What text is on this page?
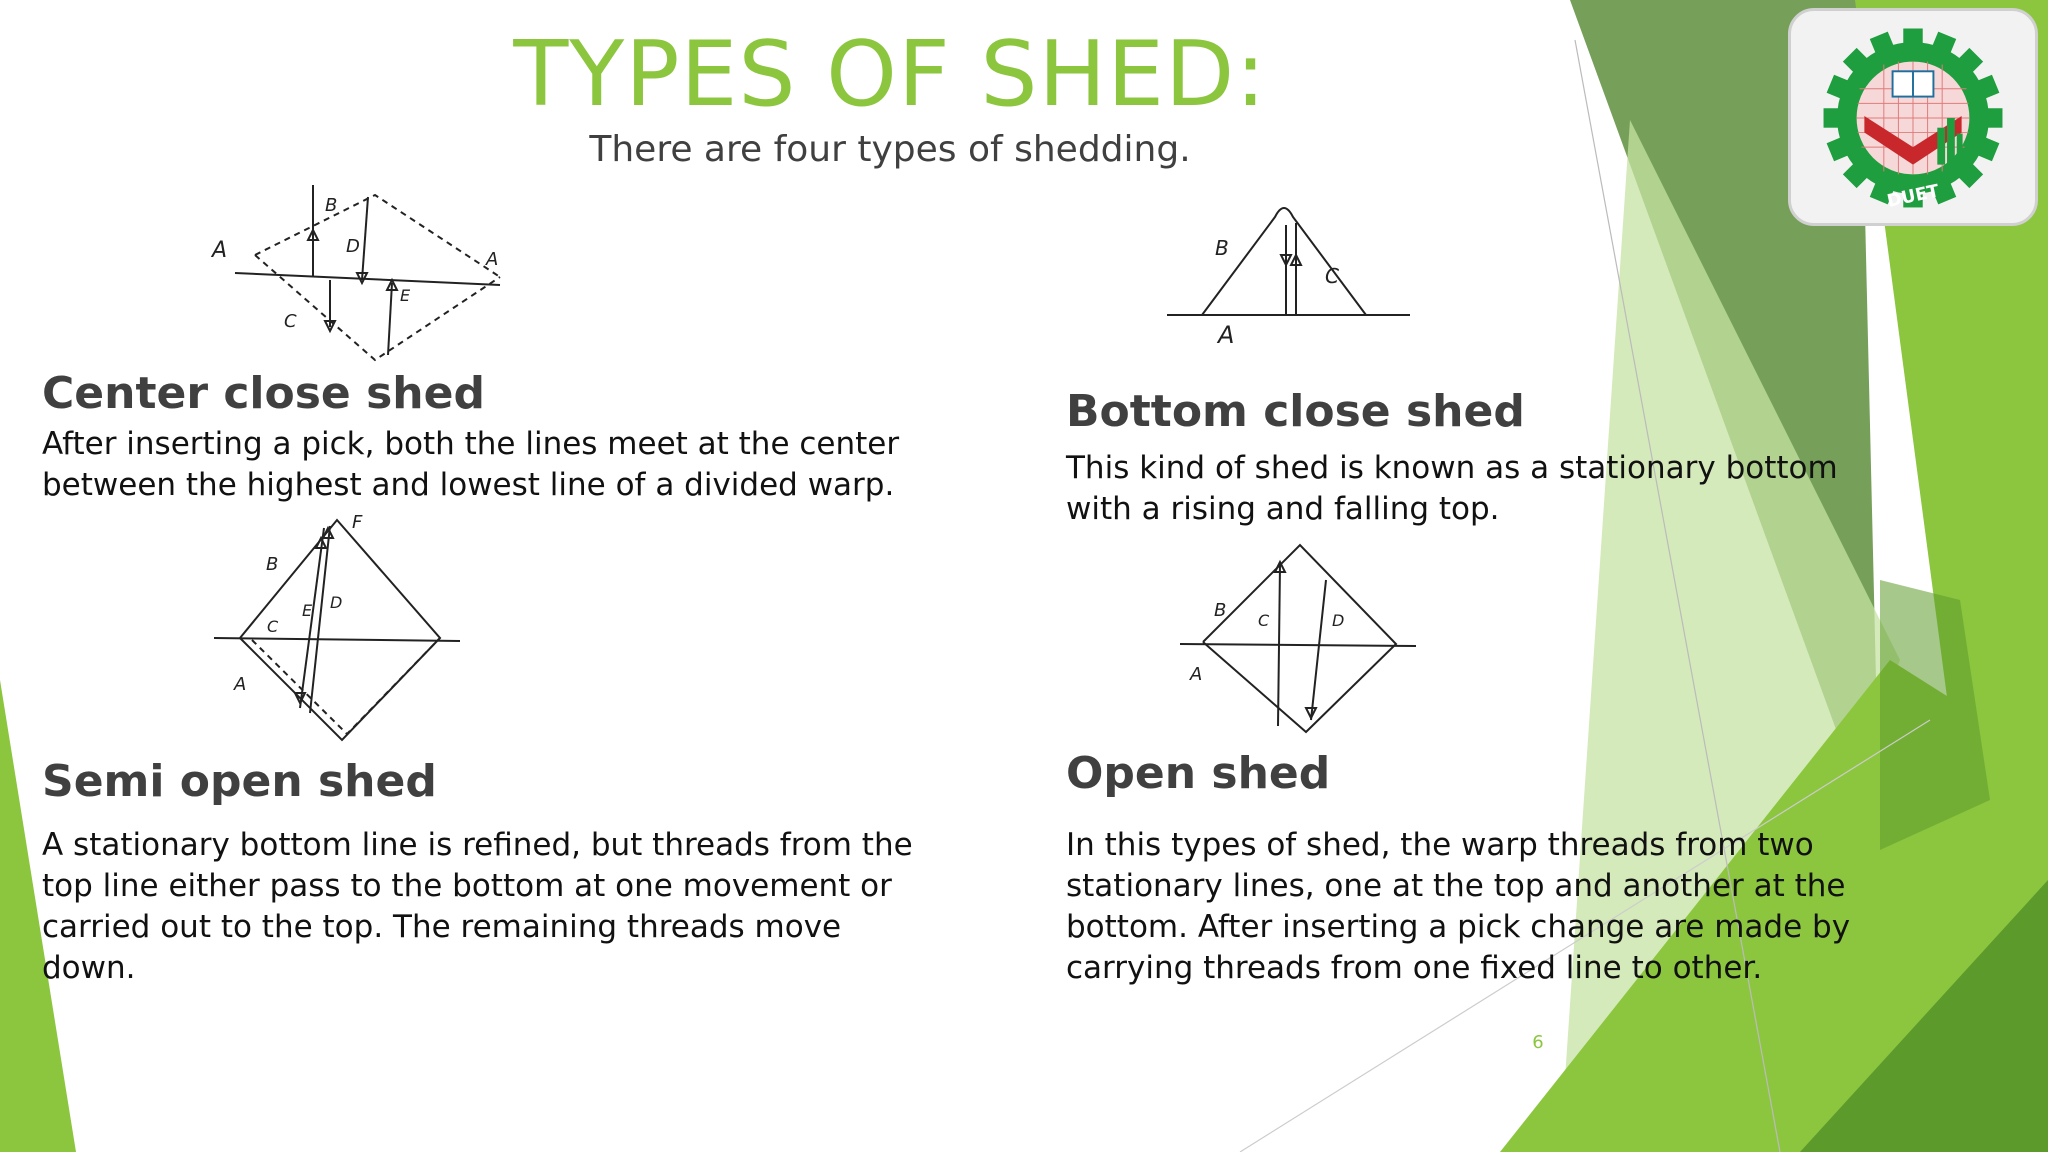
TYPES OF SHED:
There are four types of shedding.
A
B
D
A
E
C
B
C
A
Center close shed

After inserting a pick, both the lines meet at the center between the highest and lowest line of a divided warp.

Bottom close shed

This kind of shed is known as a stationary bottom with a rising and falling top.

F
B
E D
C
A
B C	D
A
Semi open shed

A stationary bottom line is refined, but threads from the top line either pass to the bottom at one movement or carried out to the top. The remaining threads move down.

Open shed

In this types of shed, the warp threads from two stationary lines, one at the top and another at the bottom. After inserting a pick change are made by carrying threads from one fixed line to other.

DUET
6
